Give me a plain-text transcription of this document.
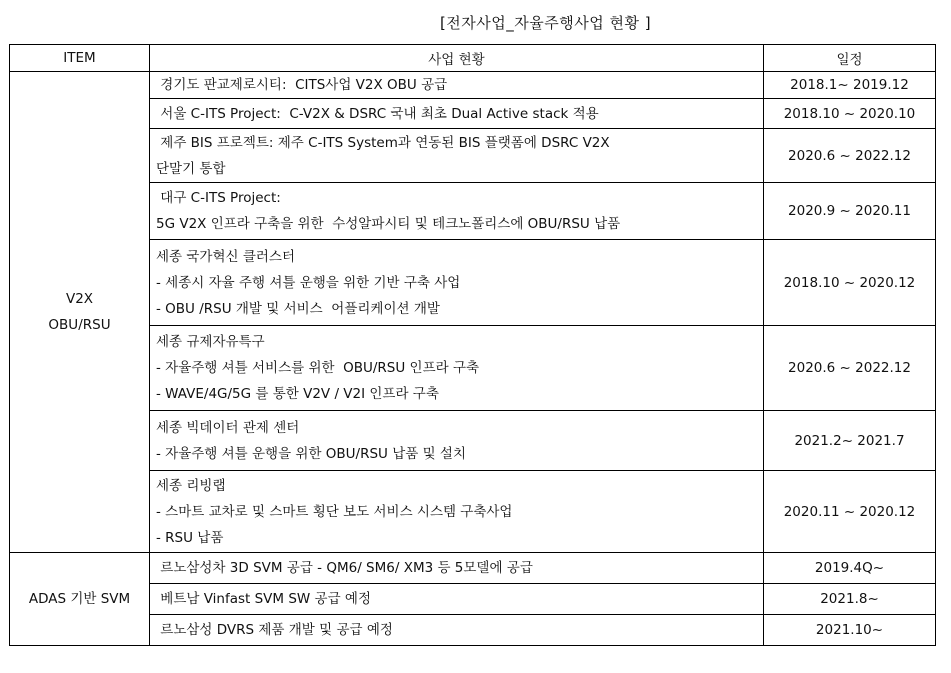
[전자사업_자율주행사업 현황 ]
ITEM	사업 현황	일정

V2X
OBU/RSU	경기도 판교제로시티:  CITS사업 V2X OBU 공급	2018.1~ 2019.12

	서울 C-ITS Project:  C-V2X & DSRC 국내 최초 Dual Active stack 적용	2018.10 ~ 2020.10

	제주 BIS 프로젝트: 제주 C-ITS System과 연동된 BIS 플랫폼에 DSRC V2X
단말기 통합	2020.6 ~ 2022.12

	대구 C-ITS Project:
5G V2X 인프라 구축을 위한  수성알파시티 및 테크노폴리스에 OBU/RSU 납품	2020.9 ~ 2020.11

	세종 국가혁신 클러스터
- 세종시 자율 주행 셔틀 운행을 위한 기반 구축 사업
- OBU /RSU 개발 및 서비스  어플리케이션 개발	2018.10 ~ 2020.12

	세종 규제자유특구
- 자율주행 셔틀 서비스를 위한  OBU/RSU 인프라 구축
- WAVE/4G/5G 를 통한 V2V / V2I 인프라 구축	2020.6 ~ 2022.12

	세종 빅데이터 관제 센터
- 자율주행 셔틀 운행을 위한 OBU/RSU 납품 및 설치	2021.2~ 2021.7

	세종 리빙랩
- 스마트 교차로 및 스마트 횡단 보도 서비스 시스템 구축사업
- RSU 납품	2020.11 ~ 2020.12

ADAS 기반 SVM	르노삼성차 3D SVM 공급 - QM6/ SM6/ XM3 등 5모델에 공급	2019.4Q~

	베트남 Vinfast SVM SW 공급 예정	2021.8~

	르노삼성 DVRS 제품 개발 및 공급 예정	2021.10~
